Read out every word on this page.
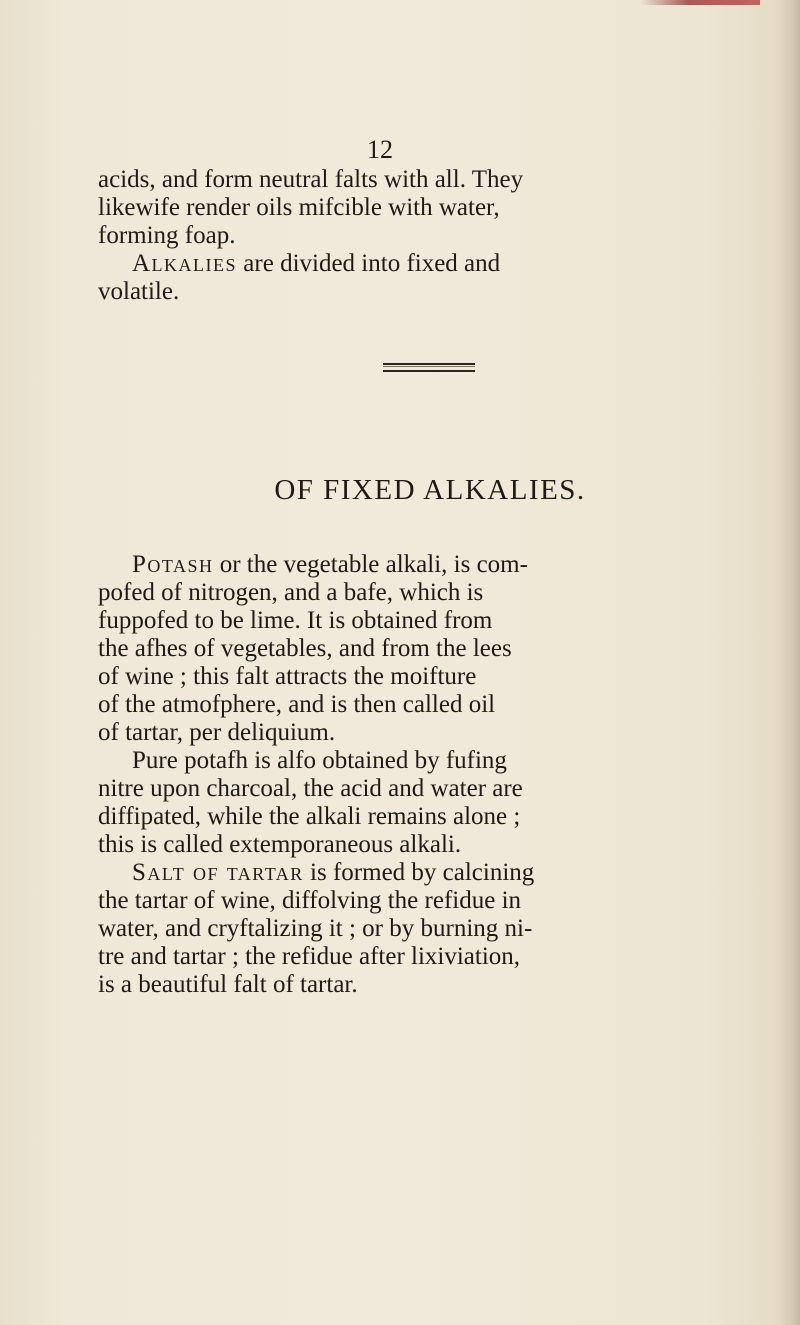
12
acids, and form neutral falts with all. They
likewife render oils mifcible with water,
forming foap.
Alkalies are divided into fixed and
volatile.
OF FIXED ALKALIES.
Potash or the vegetable alkali, is com-
pofed of nitrogen, and a bafe, which is
fuppofed to be lime. It is obtained from
the afhes of vegetables, and from the lees
of wine ; this falt attracts the moifture
of the atmofphere, and is then called oil
of tartar, per deliquium.
Pure potafh is alfo obtained by fufing
nitre upon charcoal, the acid and water are
diffipated, while the alkali remains alone ;
this is called extemporaneous alkali.
Salt of tartar is formed by calcining
the tartar of wine, diffolving the refidue in
water, and cryftalizing it ; or by burning ni-
tre and tartar ; the refidue after lixiviation,
is a beautiful falt of tartar.
